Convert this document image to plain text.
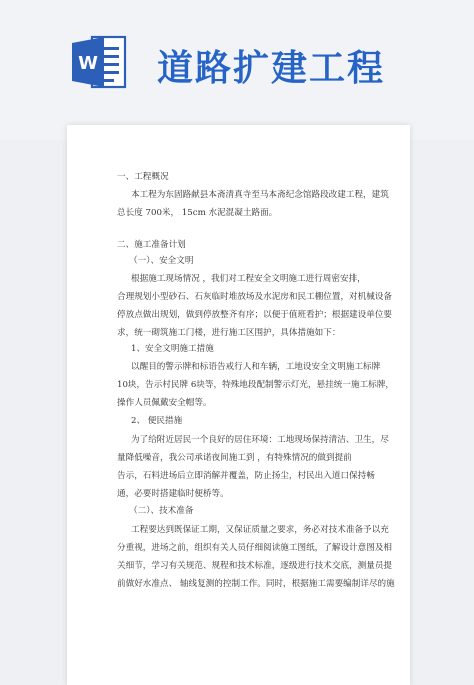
W 道路扩建工程
一、工程概况
本工程为东固路献县本斋清真寺至马本斋纪念馆路段改建工程，建筑
总长度 700米， 15cm 水泥混凝土路面。
二、施工准备计划
（一）、安全文明
根据施工现场情况 ，我们对工程安全文明施工进行周密安排，
合理规划小型砂石、石灰临时堆放场及水泥房和民工棚位置，对机械设备
停放点做出规划，做到停放整齐有序；以便于值班看护；根据建设单位要
求，统一砌筑施工门楼，进行施工区围护，具体措施如下：
1、安全文明施工措施
以醒目的警示牌和标语告戒行人和车辆，工地设安全文明施工标牌
10块，告示村民牌 6块等，特殊地段配制警示灯光，悬挂统一施工标牌，
操作人员佩戴安全帽等。
2、 便民措施
为了给附近居民一个良好的居住环境：工地现场保持清洁、卫生，尽
量降低噪音，我公司承诺夜间施工到 ，有特殊情况的做到提前
告示，石料进场后立即消解并覆盖，防止扬尘，村民出入道口保持畅
通，必要时搭建临时便桥等。
（二）、技术准备
工程要达到既保证工期，又保证质量之要求，务必对技术准备予以充
分重视，进场之前，组织有关人员仔细阅读施工图纸，了解设计意图及相
关细节，学习有关规范、规程和技术标准，逐级进行技术交底，测量员提
前做好水准点、 轴线复测的控制工作。同时，根据施工需要编制详尽的施
